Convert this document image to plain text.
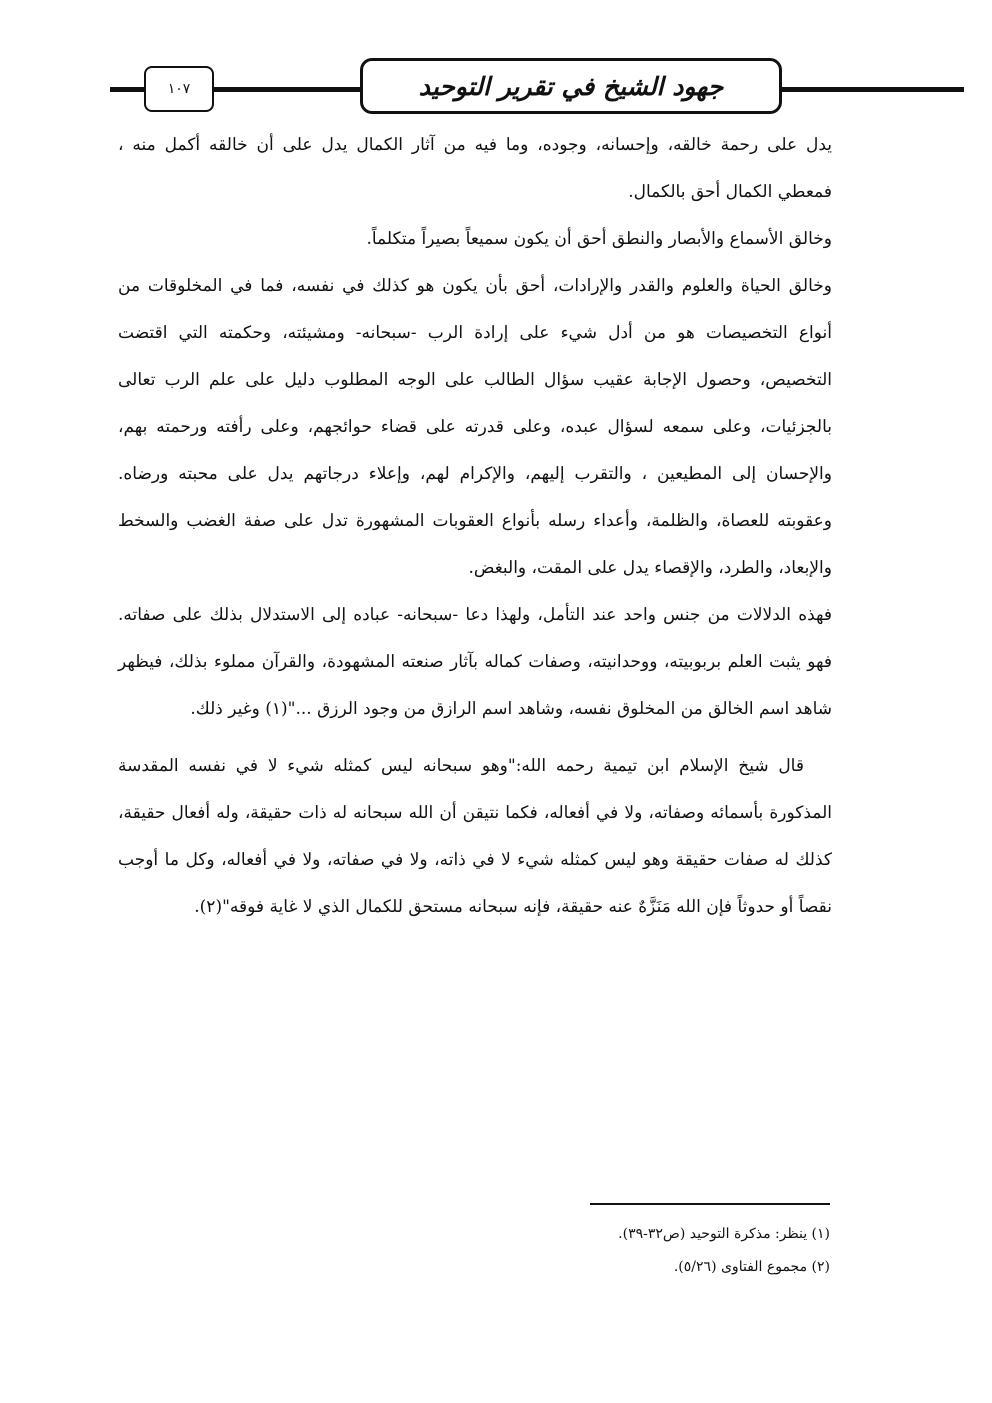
جهود الشيخ في تقرير التوحيد
١٠٧

يدل على رحمة خالقه، وإحسانه، وجوده، وما فيه من آثار الكمال يدل على أن خالقه أكمل منه ، فمعطي الكمال أحق بالكمال.

وخالق الأسماع والأبصار والنطق أحق أن يكون سميعاً بصيراً متكلماً.

وخالق الحياة والعلوم والقدر والإرادات، أحق بأن يكون هو كذلك في نفسه، فما في المخلوقات من أنواع التخصيصات هو من أدل شيء على إرادة الرب -سبحانه- ومشيئته، وحكمته التي اقتضت التخصيص، وحصول الإجابة عقيب سؤال الطالب على الوجه المطلوب دليل على علم الرب تعالى بالجزئيات، وعلى سمعه لسؤال عبده، وعلى قدرته على قضاء حوائجهم، وعلى رأفته ورحمته بهم، والإحسان إلى المطيعين ، والتقرب إليهم، والإكرام لهم، وإعلاء درجاتهم يدل على محبته ورضاه. وعقوبته للعصاة، والظلمة، وأعداء رسله بأنواع العقوبات المشهورة تدل على صفة الغضب والسخط والإبعاد، والطرد، والإقصاء يدل على المقت، والبغض.

فهذه الدلالات من جنس واحد عند التأمل، ولهذا دعا -سبحانه- عباده إلى الاستدلال بذلك على صفاته. فهو يثبت العلم بربوبيته، ووحدانيته، وصفات كماله بآثار صنعته المشهودة، والقرآن مملوء بذلك، فيظهر شاهد اسم الخالق من المخلوق نفسه، وشاهد اسم الرازق من وجود الرزق ..."(١) وغير ذلك.

قال شيخ الإسلام ابن تيمية رحمه الله:"وهو سبحانه ليس كمثله شيء لا في نفسه المقدسة المذكورة بأسمائه وصفاته، ولا في أفعاله، فكما نتيقن أن الله سبحانه له ذات حقيقة، وله أفعال حقيقة، كذلك له صفات حقيقة وهو ليس كمثله شيء لا في ذاته، ولا في صفاته، ولا في أفعاله، وكل ما أوجب نقصاً أو حدوثاً فإن الله مَنَزَّهٌ عنه حقيقة، فإنه سبحانه مستحق للكمال الذي لا غاية فوقه"(٢).

(١) ينظر: مذكرة التوحيد (ص٣٢-٣٩).
(٢) مجموع الفتاوى (٥/٢٦).
